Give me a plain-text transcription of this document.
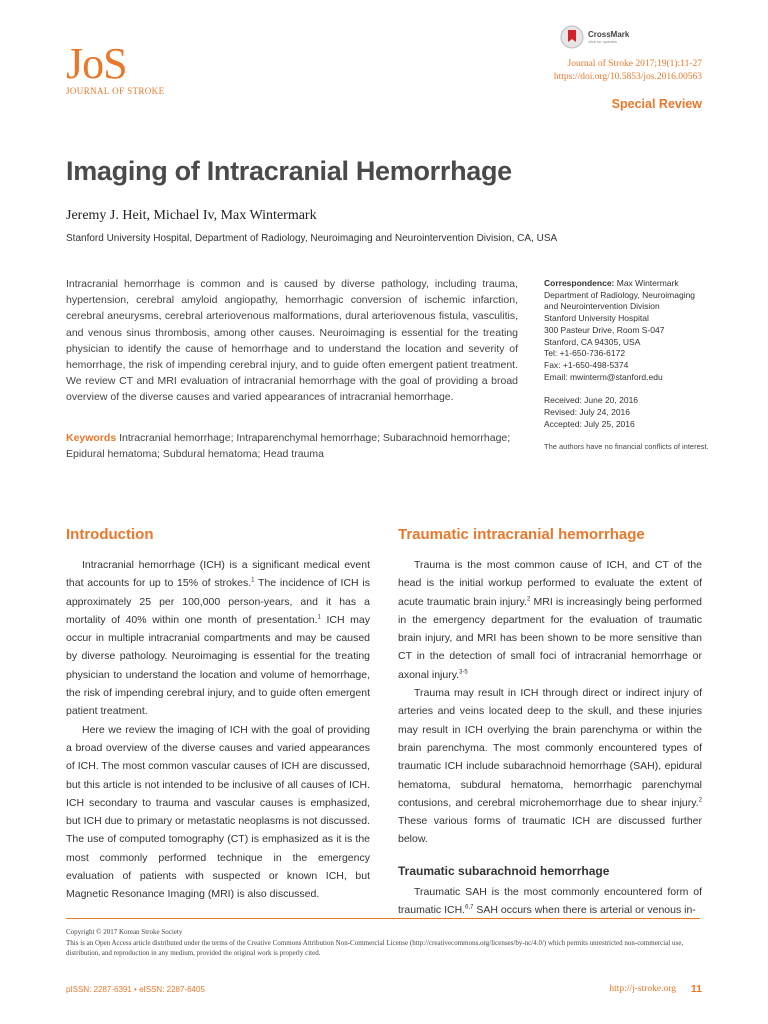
JoS
JOURNAL OF STROKE
CrossMark
click for updates
Journal of Stroke 2017;19(1):11-27
https://doi.org/10.5853/jos.2016.00563
Special Review
Imaging of Intracranial Hemorrhage
Jeremy J. Heit, Michael Iv, Max Wintermark
Stanford University Hospital, Department of Radiology, Neuroimaging and Neurointervention Division, CA, USA

Intracranial hemorrhage is common and is caused by diverse pathology, including trauma, hypertension, cerebral amyloid angiopathy, hemorrhagic conversion of ischemic infarction, cerebral aneurysms, cerebral arteriovenous malformations, dural arteriovenous fistula, vasculitis, and venous sinus thrombosis, among other causes. Neuroimaging is essential for the treating physician to identify the cause of hemorrhage and to understand the location and severity of hemorrhage, the risk of impending cerebral injury, and to guide often emergent patient treatment. We review CT and MRI evaluation of intracranial hemorrhage with the goal of providing a broad overview of the diverse causes and varied appearances of intracranial hemorrhage.

Keywords Intracranial hemorrhage; Intraparenchymal hemorrhage; Subarachnoid hemorrhage; Epidural hematoma; Subdural hematoma; Head trauma

Correspondence: Max Wintermark
Department of Radiology, Neuroimaging
and Neurointervention Division
Stanford University Hospital
300 Pasteur Drive, Room S-047
Stanford, CA 94305, USA
Tel: +1-650-736-6172
Fax: +1-650-498-5374
Email: mwinterm@stanford.edu
Received: June 20, 2016
Revised: July 24, 2016
Accepted: July 25, 2016
The authors have no financial conflicts of interest.
Introduction

Intracranial hemorrhage (ICH) is a significant medical event that accounts for up to 15% of strokes.$^1$ The incidence of ICH is approximately 25 per 100,000 person-years, and it has a mortality of 40% within one month of presentation.$^1$ ICH may occur in multiple intracranial compartments and may be caused by diverse pathology. Neuroimaging is essential for the treating physician to understand the location and volume of hemorrhage, the risk of impending cerebral injury, and to guide often emergent patient treatment.

Here we review the imaging of ICH with the goal of providing a broad overview of the diverse causes and varied appearances of ICH. The most common vascular causes of ICH are discussed, but this article is not intended to be inclusive of all causes of ICH. ICH secondary to trauma and vascular causes is emphasized, but ICH due to primary or metastatic neoplasms is not discussed. The use of computed tomography (CT) is emphasized as it is the most commonly performed technique in the emergency evaluation of patients with suspected or known ICH, but Magnetic Resonance Imaging (MRI) is also discussed.

Traumatic intracranial hemorrhage

Trauma is the most common cause of ICH, and CT of the head is the initial workup performed to evaluate the extent of acute traumatic brain injury.$^2$ MRI is increasingly being performed in the emergency department for the evaluation of traumatic brain injury, and MRI has been shown to be more sensitive than CT in the detection of small foci of intracranial hemorrhage or axonal injury.$^{3-5}$

Trauma may result in ICH through direct or indirect injury of arteries and veins located deep to the skull, and these injuries may result in ICH overlying the brain parenchyma or within the brain parenchyma. The most commonly encountered types of traumatic ICH include subarachnoid hemorrhage (SAH), epidural hematoma, subdural hematoma, hemorrhagic parenchymal contusions, and cerebral microhemorrhage due to shear injury.$^2$ These various forms of traumatic ICH are discussed further below.

Traumatic subarachnoid hemorrhage

Traumatic SAH is the most commonly encountered form of traumatic ICH.$^{6,7}$ SAH occurs when there is arterial or venous in-

Copyright © 2017 Korean Stroke Society
This is an Open Access article distributed under the terms of the Creative Commons Attribution Non-Commercial License (http://creativecommons.org/licenses/by-nc/4.0/) which permits unrestricted non-commercial use, distribution, and reproduction in any medium, provided the original work is properly cited.
pISSN: 2287-6391 • eISSN: 2287-6405	http://j-stroke.org 11
